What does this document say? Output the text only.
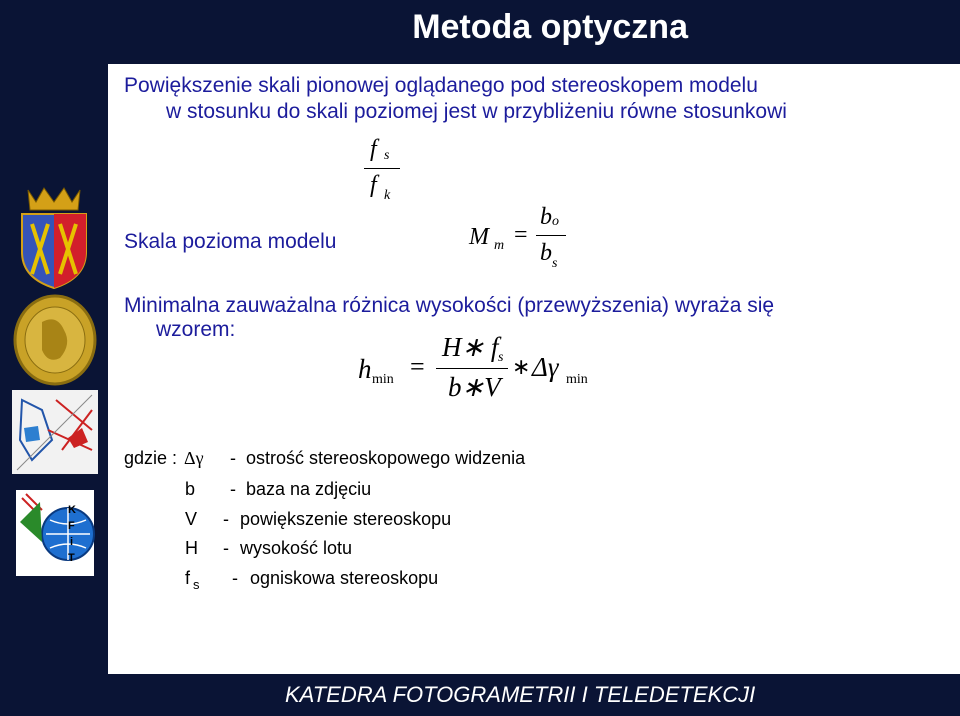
Metoda optyczna
K
F
i
T
Powiększenie skali pionowej oglądanego pod stereoskopem modelu
w stosunku do skali poziomej jest w przybliżeniu równe stosunkowi
f s
f k
Skala pozioma modelu	M m =
b o
b s
Minimalna zauważalna różnica wysokości (przewyższenia) wyraża się
wzorem:
h min =
H∗ f s
b∗V
∗ Δγ min
gdzie : Δγ - ostrość stereoskopowego widzenia
b - baza na zdjęciu
V - powiększenie stereoskopu
H - wysokość lotu
f s - ogniskowa stereoskopu
KATEDRA FOTOGRAMETRII I TELEDETEKCJI
